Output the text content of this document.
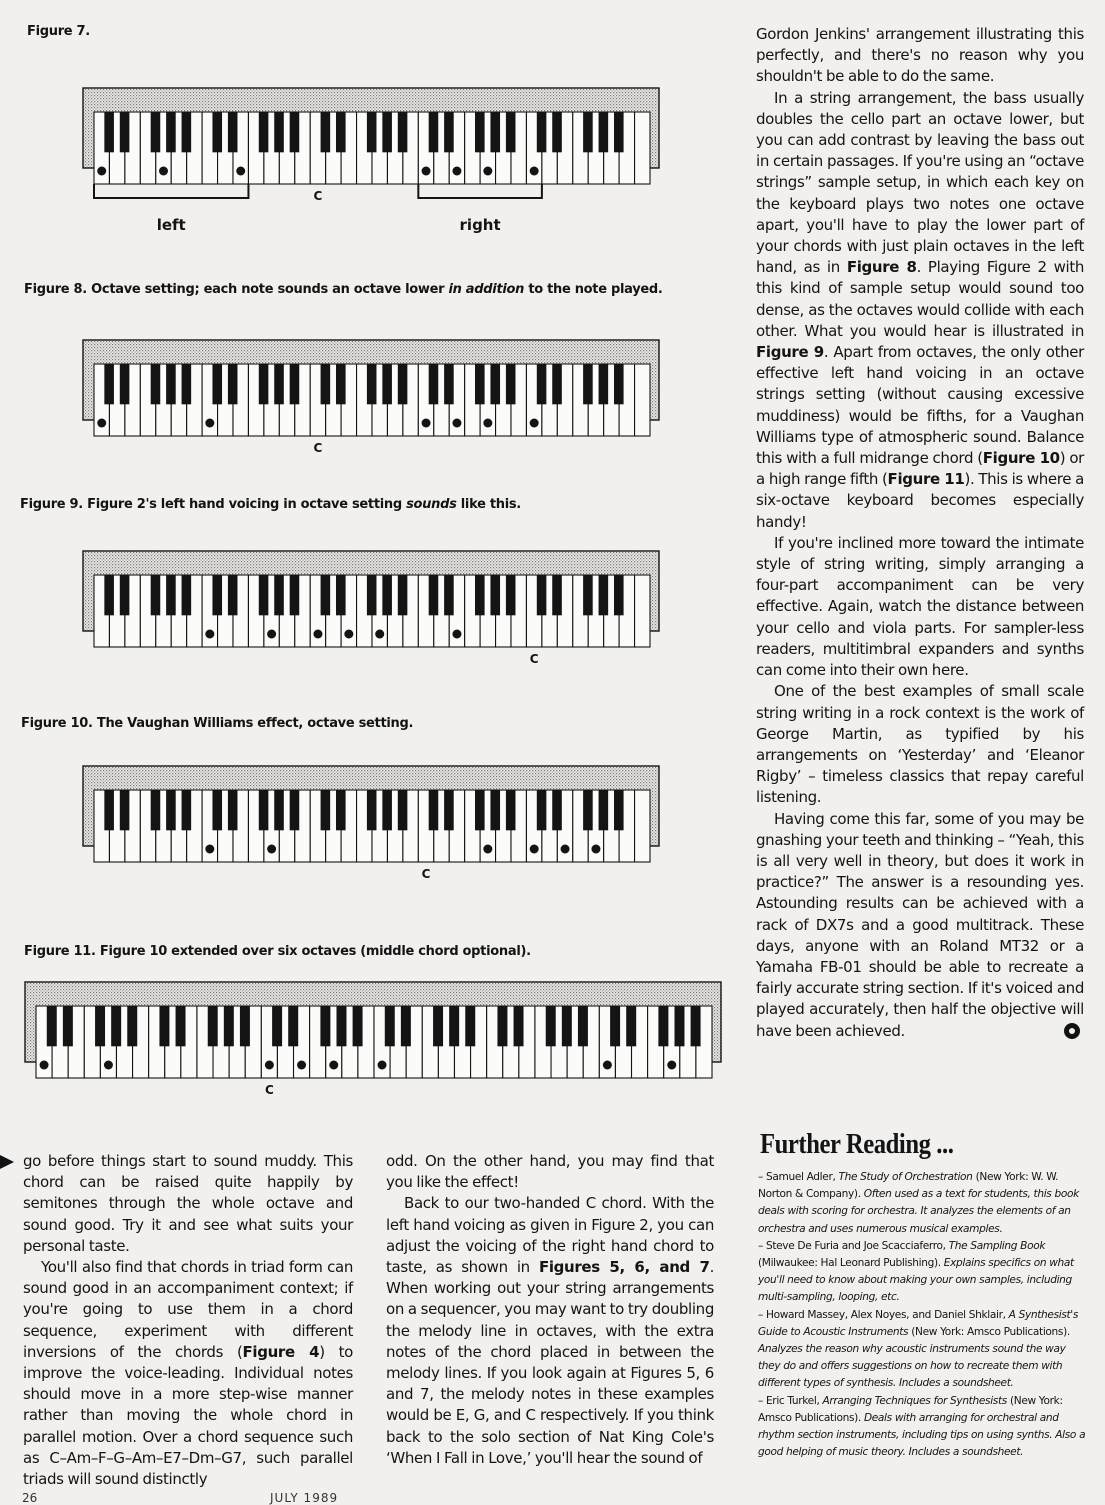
Figure 7.
Figure 8. Octave setting; each note sounds an octave lower in addition to the note played.
Figure 9. Figure 2's left hand voicing in octave setting sounds like this.
Figure 10. The Vaughan Williams effect, octave setting.
Figure 11. Figure 10 extended over six octaves (middle chord optional).
C
left	right
C
C
C
C

Gordon Jenkins' arrangement illustrating this perfectly, and there's no reason why you shouldn't be able to do the same.

In a string arrangement, the bass usually doubles the cello part an octave lower, but you can add contrast by leaving the bass out in certain passages. If you're using an “octave strings” sample setup, in which each key on the keyboard plays two notes one octave apart, you'll have to play the lower part of your chords with just plain octaves in the left hand, as in Figure 8. Playing Figure 2 with this kind of sample setup would sound too dense, as the octaves would collide with each other. What you would hear is illustrated in Figure 9. Apart from octaves, the only other effective left hand voicing in an octave strings setting (without causing excessive muddiness) would be fifths, for a Vaughan Williams type of atmospheric sound. Balance this with a full midrange chord (Figure 10) or a high range fifth (Figure 11). This is where a six-octave keyboard becomes especially handy!

If you're inclined more toward the intimate style of string writing, simply arranging a four-part accompaniment can be very effective. Again, watch the distance between your cello and viola parts. For sampler-less readers, multitimbral expanders and synths can come into their own here.

One of the best examples of small scale string writing in a rock context is the work of George Martin, as typified by his arrangements on ‘Yesterday’ and ‘Eleanor Rigby’ – timeless classics that repay careful listening.

Having come this far, some of you may be gnashing your teeth and thinking – “Yeah, this is all very well in theory, but does it work in practice?” The answer is a resounding yes. Astounding results can be achieved with a rack of DX7s and a good multitrack. These days, anyone with an Roland MT32 or a Yamaha FB-01 should be able to recreate a fairly accurate string section. If it's voiced and played accurately, then half the objective will have been achieved.

Further Reading ...
– Samuel Adler, The Study of Orchestration (New York: W. W. Norton & Company). Often used as a text for students, this book deals with scoring for orchestra. It analyzes the elements of an orchestra and uses numerous musical examples.
– Steve De Furia and Joe Scacciaferro, The Sampling Book (Milwaukee: Hal Leonard Publishing). Explains specifics on what you'll need to know about making your own samples, including multi-sampling, looping, etc.
– Howard Massey, Alex Noyes, and Daniel Shklair, A Synthesist's Guide to Acoustic Instruments (New York: Amsco Publications). Analyzes the reason why acoustic instruments sound the way they do and offers suggestions on how to recreate them with different types of synthesis. Includes a soundsheet.
– Eric Turkel, Arranging Techniques for Synthesists (New York: Amsco Publications). Deals with arranging for orchestral and rhythm section instruments, including tips on using synths. Also a good helping of music theory. Includes a soundsheet.

go before things start to sound muddy. This chord can be raised quite happily by semitones through the whole octave and sound good. Try it and see what suits your personal taste.

You'll also find that chords in triad form can sound good in an accompaniment context; if you're going to use them in a chord sequence, experiment with different inversions of the chords (Figure 4) to improve the voice-leading. Individual notes should move in a more step-wise manner rather than moving the whole chord in parallel motion. Over a chord sequence such as C–Am–F–G–Am–E7–Dm–G7, such parallel triads will sound distinctly

odd. On the other hand, you may find that you like the effect!

Back to our two-handed C chord. With the left hand voicing as given in Figure 2, you can adjust the voicing of the right hand chord to taste, as shown in Figures 5, 6, and 7. When working out your string arrangements on a sequencer, you may want to try doubling the melody line in octaves, with the extra notes of the chord placed in between the melody lines. If you look again at Figures 5, 6 and 7, the melody notes in these examples would be E, G, and C respectively. If you think back to the solo section of Nat King Cole's ‘When I Fall in Love,’ you'll hear the sound of

26	JULY 1989
